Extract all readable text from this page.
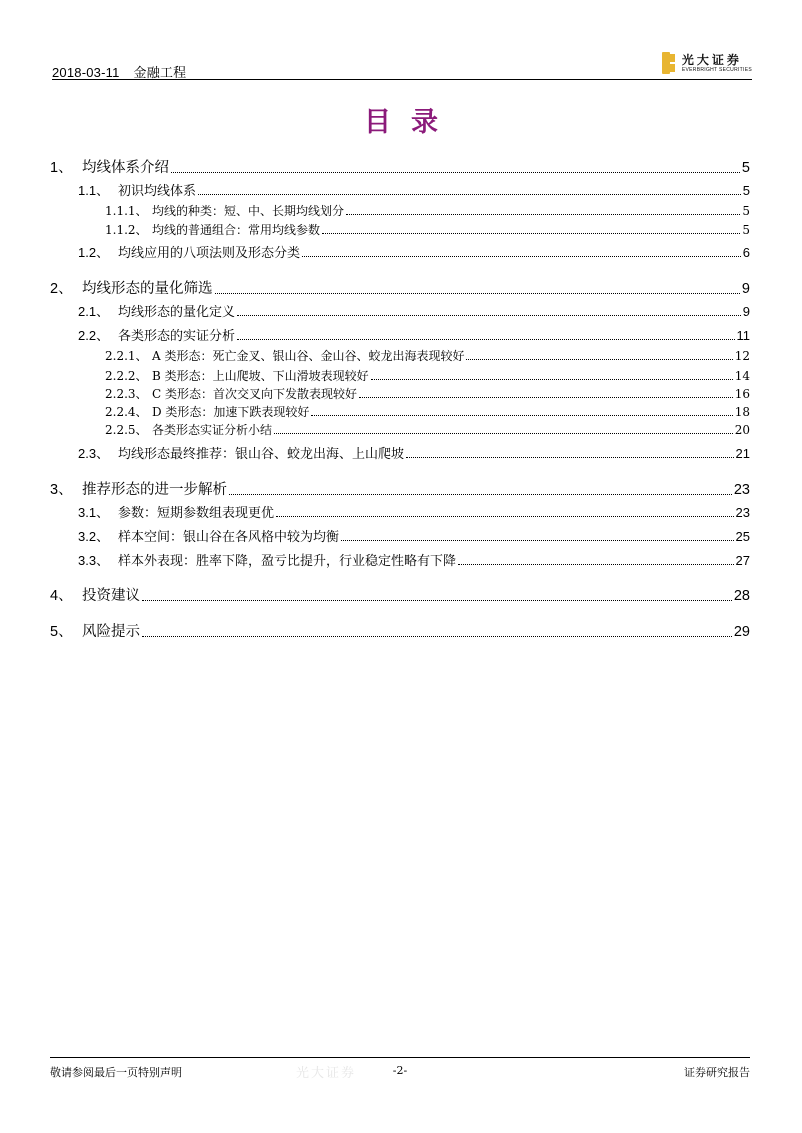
2018-03-11 金融工程
光大证券
EVERBRIGHT SECURITIES
目录
1、 均线体系介绍	5
1.1、 初识均线体系	5
1.1.1、 均线的种类：短、中、长期均线划分	5
1.1.2、 均线的普通组合：常用均线参数	5
1.2、 均线应用的八项法则及形态分类	6
2、 均线形态的量化筛选	9
2.1、 均线形态的量化定义	9
2.2、 各类形态的实证分析	11
2.2.1、 A 类形态：死亡金叉、银山谷、金山谷、蛟龙出海表现较好	12
2.2.2、 B 类形态：上山爬坡、下山滑坡表现较好	14
2.2.3、 C 类形态：首次交叉向下发散表现较好	16
2.2.4、 D 类形态：加速下跌表现较好	18
2.2.5、 各类形态实证分析小结	20
2.3、 均线形态最终推荐：银山谷、蛟龙出海、上山爬坡	21
3、 推荐形态的进一步解析	23
3.1、 参数：短期参数组表现更优	23
3.2、 样本空间：银山谷在各风格中较为均衡	25
3.3、 样本外表现：胜率下降，盈亏比提升，行业稳定性略有下降	27
4、 投资建议	28
5、 风险提示	29
光大证券
敬请参阅最后一页特别声明	-2-	证券研究报告
